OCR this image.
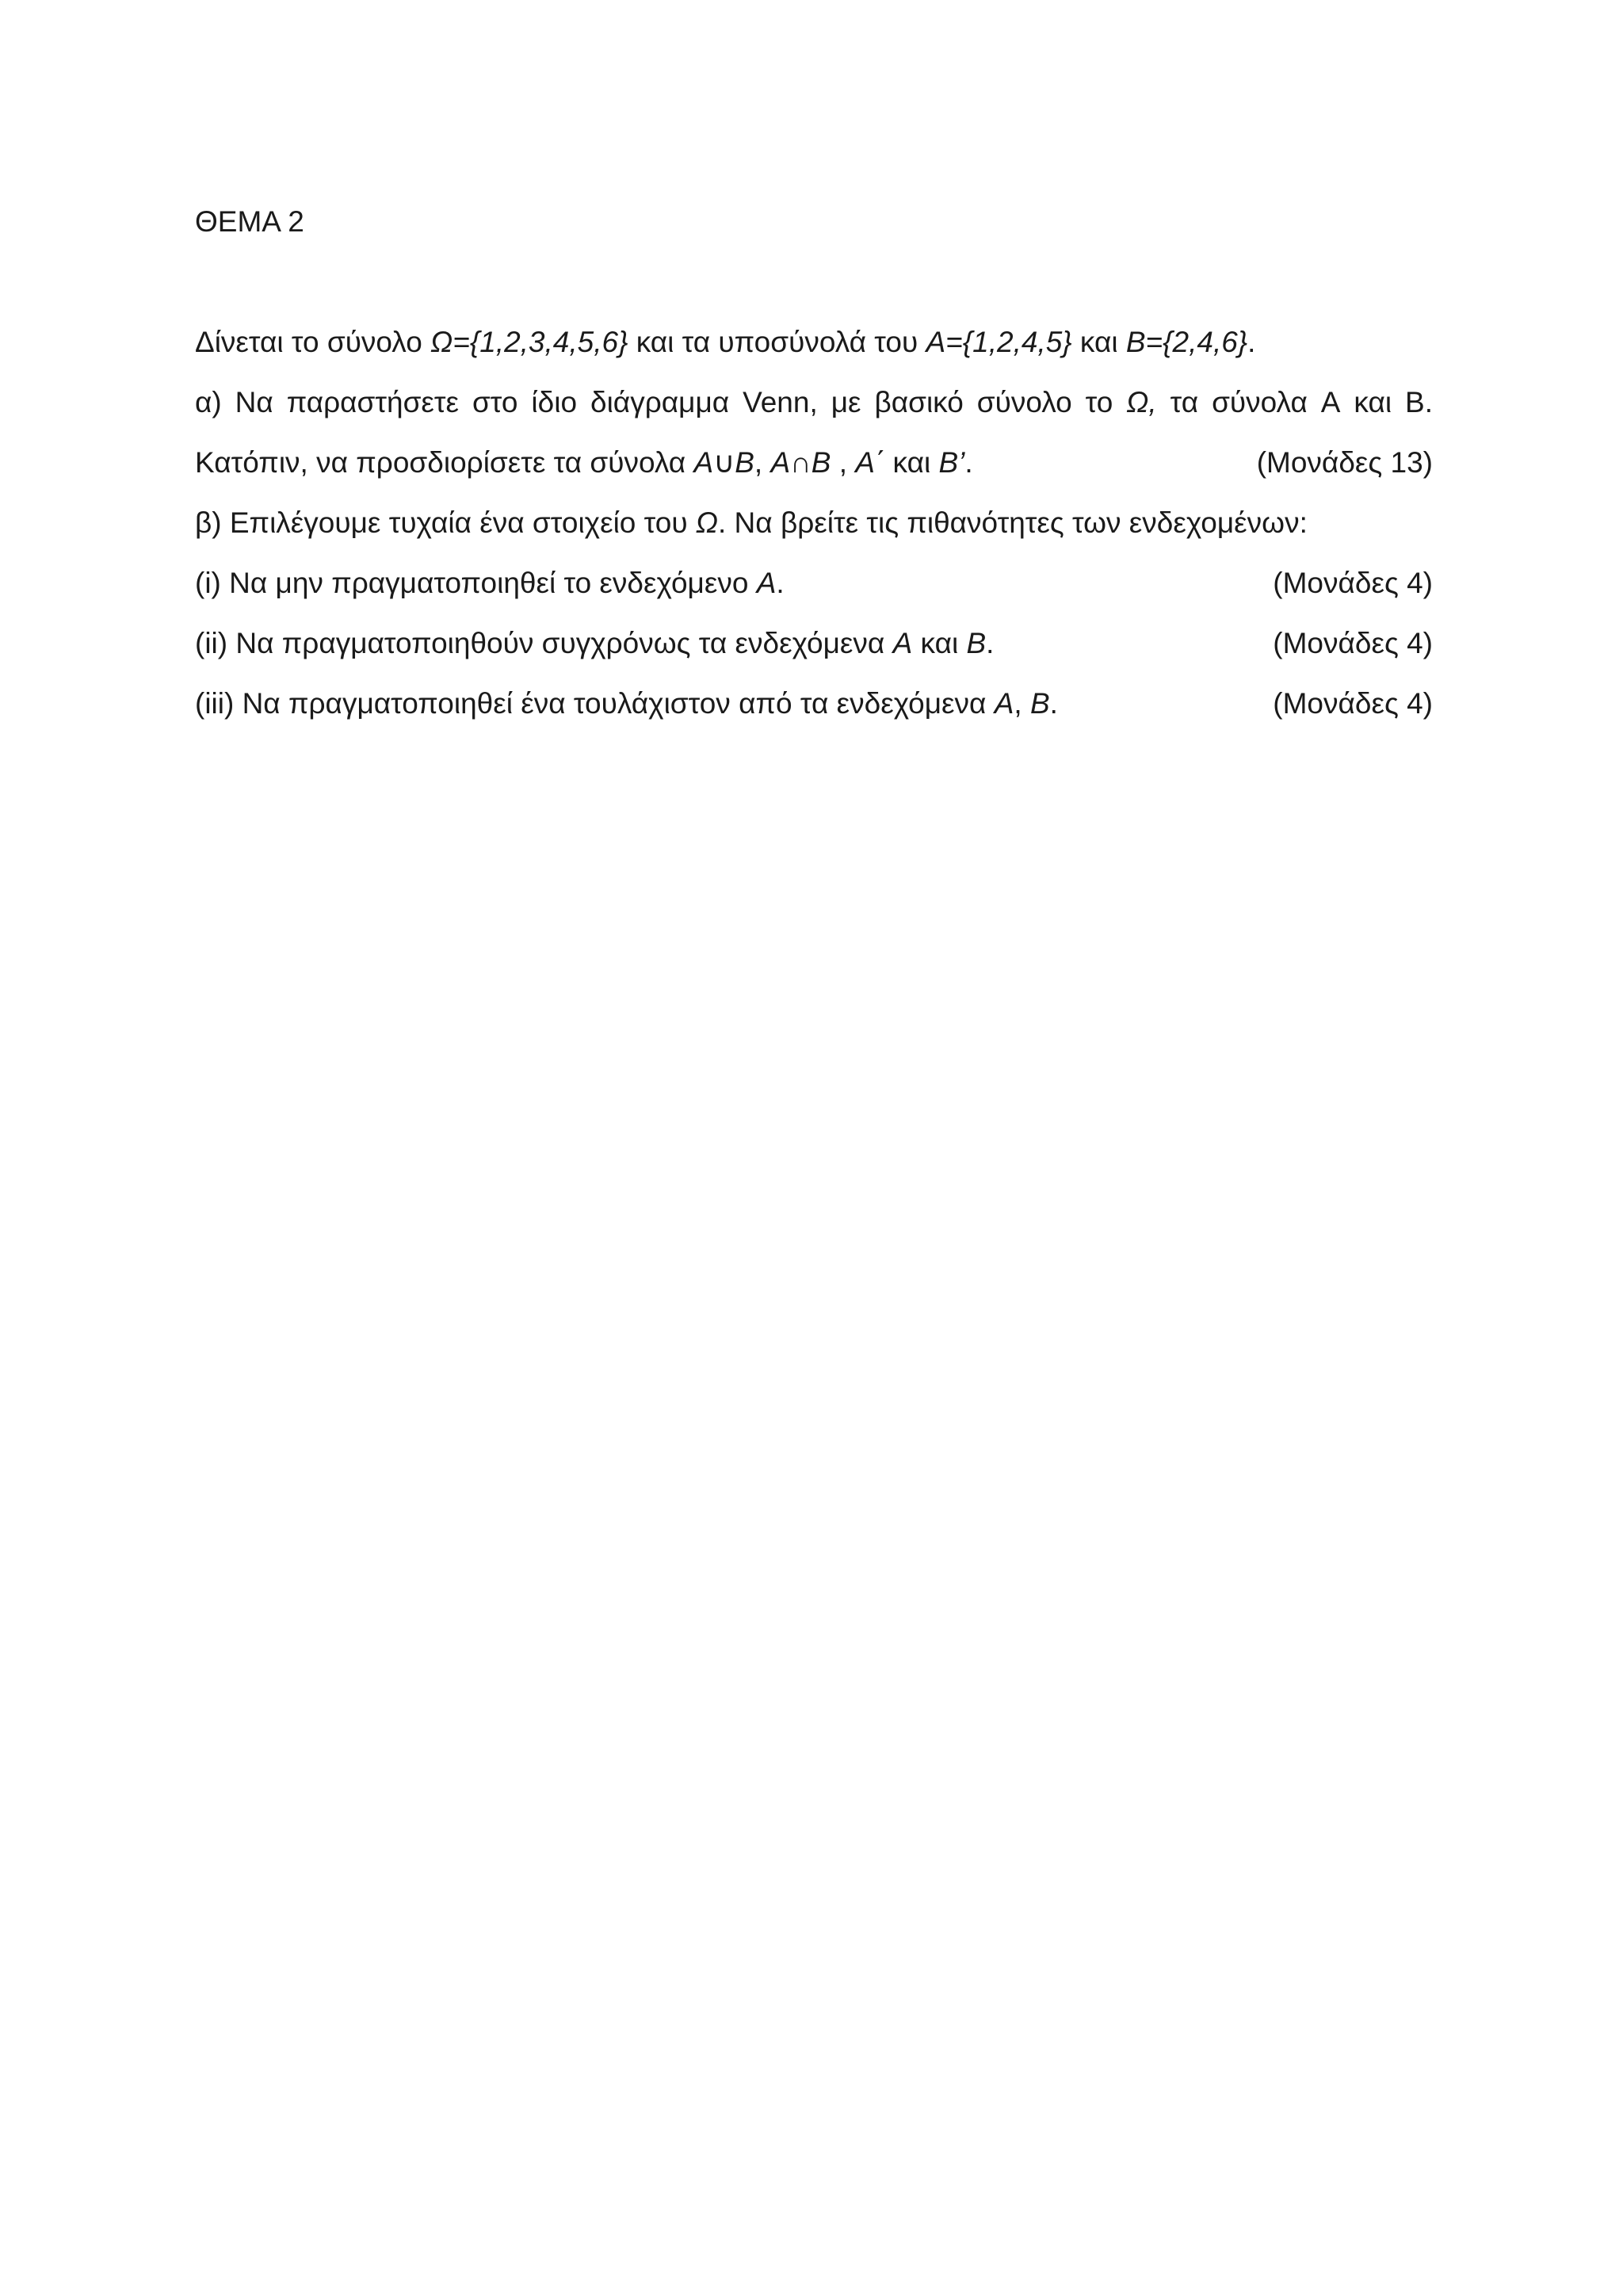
ΘΕΜΑ 2
Δίνεται το σύνολο Ω={1,2,3,4,5,6} και τα υποσύνολά του A={1,2,4,5} και B={2,4,6}.
α) Να παραστήσετε στο ίδιο διάγραμμα Venn, με βασικό σύνολο το Ω, τα σύνολα Α και Β.
Κατόπιν, να προσδιορίσετε τα σύνολα A∪B, A∩B , A΄ και B’.	(Μονάδες 13)
β) Επιλέγουμε τυχαία ένα στοιχείο του Ω. Να βρείτε τις πιθανότητες των ενδεχομένων:
(i) Να μην πραγματοποιηθεί το ενδεχόμενο Α.	(Μονάδες 4)
(ii) Να πραγματοποιηθούν συγχρόνως τα ενδεχόμενα Α και Β.	(Μονάδες 4)
(iii) Να πραγματοποιηθεί ένα τουλάχιστον από τα ενδεχόμενα Α, Β.	(Μονάδες 4)
